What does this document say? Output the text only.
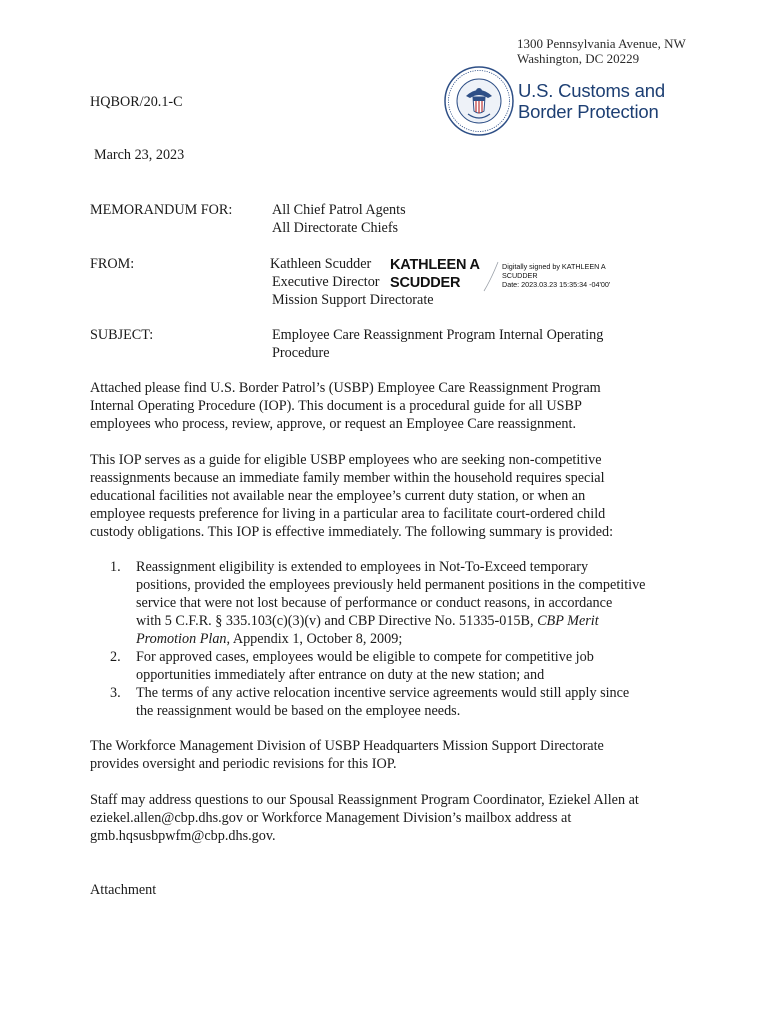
1300 Pennsylvania Avenue, NW
Washington, DC 20229
U.S. Customs and
Border Protection
HQBOR/20.1-C
March 23, 2023
MEMORANDUM FOR:	All Chief Patrol Agents
All Directorate Chiefs
FROM:	Kathleen Scudder
Executive Director
Mission Support Directorate
KATHLEEN A
SCUDDER
Digitally signed by KATHLEEN A
SCUDDER
Date: 2023.03.23 15:35:34 -04'00'
SUBJECT:	Employee Care Reassignment Program Internal Operating
Procedure
Attached please find U.S. Border Patrol’s (USBP) Employee Care Reassignment Program
Internal Operating Procedure (IOP). This document is a procedural guide for all USBP
employees who process, review, approve, or request an Employee Care reassignment.
This IOP serves as a guide for eligible USBP employees who are seeking non-competitive
reassignments because an immediate family member within the household requires special
educational facilities not available near the employee’s current duty station, or when an
employee requests preference for living in a particular area to facilitate court-ordered child
custody obligations. This IOP is effective immediately. The following summary is provided:
1. Reassignment eligibility is extended to employees in Not-To-Exceed temporary
positions, provided the employees previously held permanent positions in the competitive
service that were not lost because of performance or conduct reasons, in accordance
with 5 C.F.R. § 335.103(c)(3)(v) and CBP Directive No. 51335-015B, CBP Merit
Promotion Plan, Appendix 1, October 8, 2009;
2. For approved cases, employees would be eligible to compete for competitive job
opportunities immediately after entrance on duty at the new station; and
3. The terms of any active relocation incentive service agreements would still apply since
the reassignment would be based on the employee needs.
The Workforce Management Division of USBP Headquarters Mission Support Directorate
provides oversight and periodic revisions for this IOP.
Staff may address questions to our Spousal Reassignment Program Coordinator, Eziekel Allen at
eziekel.allen@cbp.dhs.gov or Workforce Management Division’s mailbox address at
gmb.hqsusbpwfm@cbp.dhs.gov.
Attachment
